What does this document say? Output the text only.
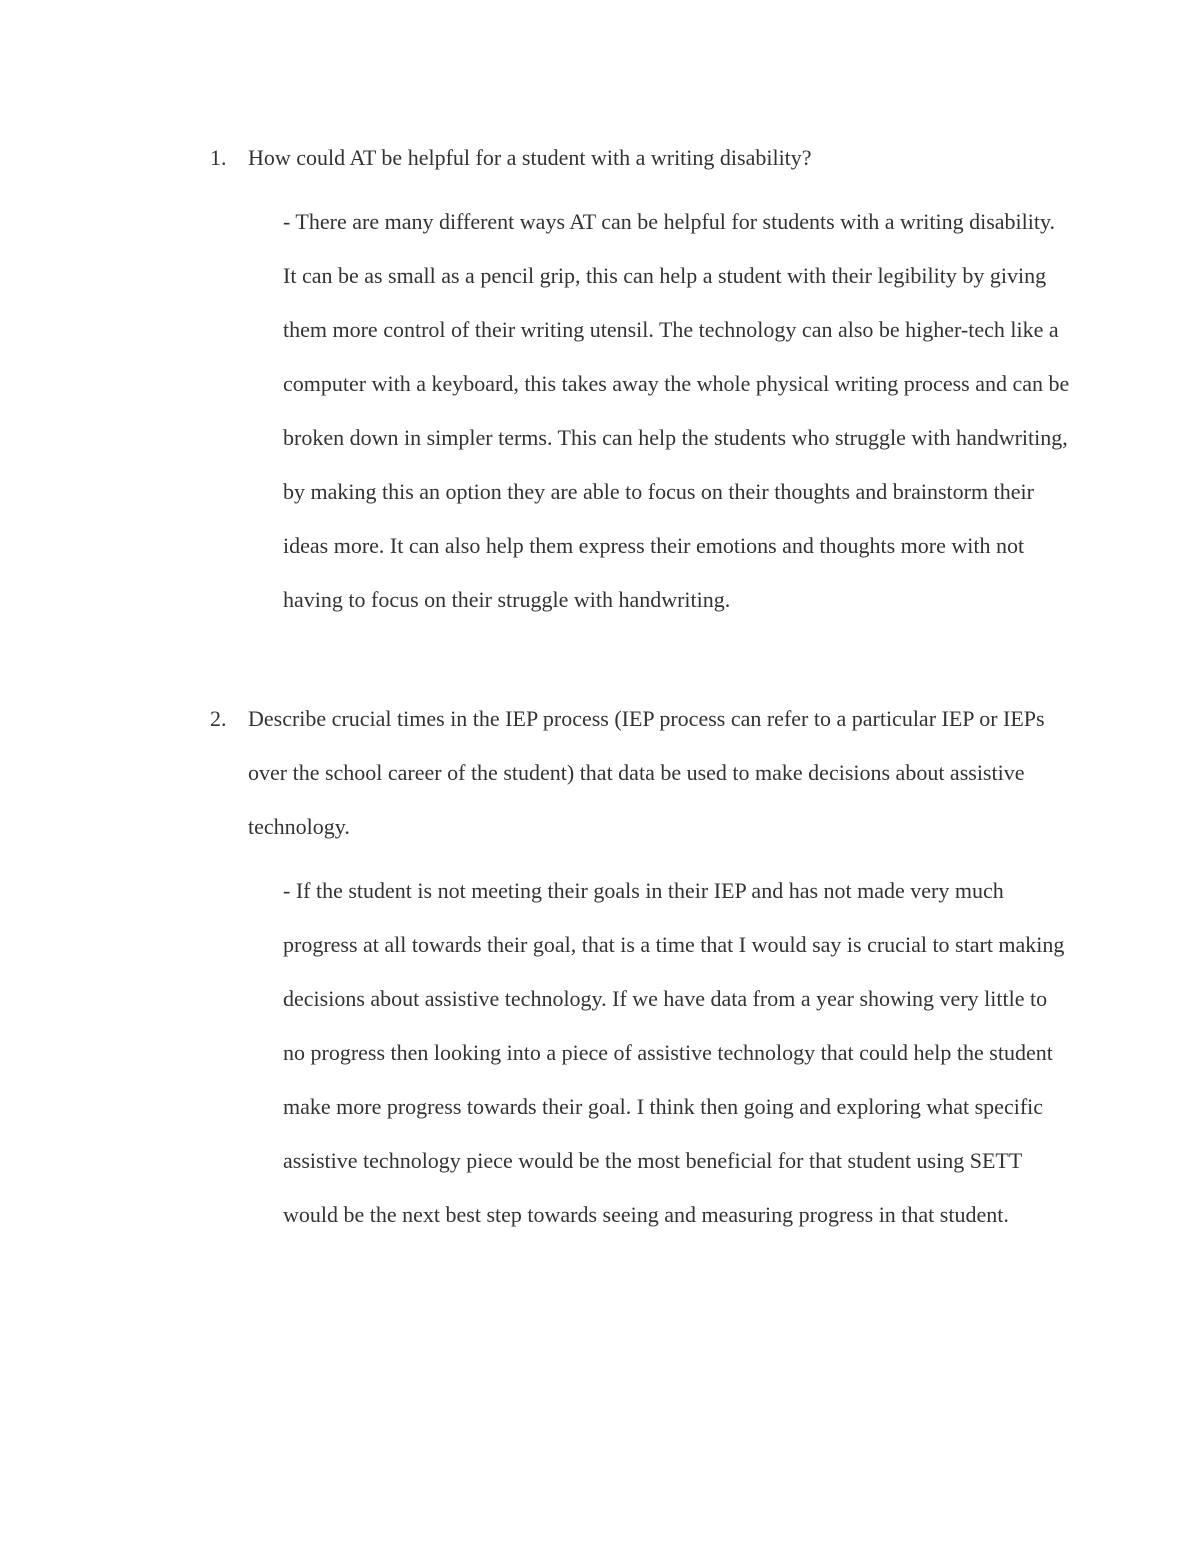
1. How could AT be helpful for a student with a writing disability?
- There are many different ways AT can be helpful for students with a writing disability. It can be as small as a pencil grip, this can help a student with their legibility by giving them more control of their writing utensil. The technology can also be higher-tech like a computer with a keyboard, this takes away the whole physical writing process and can be broken down in simpler terms. This can help the students who struggle with handwriting, by making this an option they are able to focus on their thoughts and brainstorm their ideas more. It can also help them express their emotions and thoughts more with not having to focus on their struggle with handwriting.
2. Describe crucial times in the IEP process (IEP process can refer to a particular IEP or IEPs over the school career of the student) that data be used to make decisions about assistive technology.
- If the student is not meeting their goals in their IEP and has not made very much progress at all towards their goal, that is a time that I would say is crucial to start making decisions about assistive technology. If we have data from a year showing very little to no progress then looking into a piece of assistive technology that could help the student make more progress towards their goal. I think then going and exploring what specific assistive technology piece would be the most beneficial for that student using SETT would be the next best step towards seeing and measuring progress in that student.
